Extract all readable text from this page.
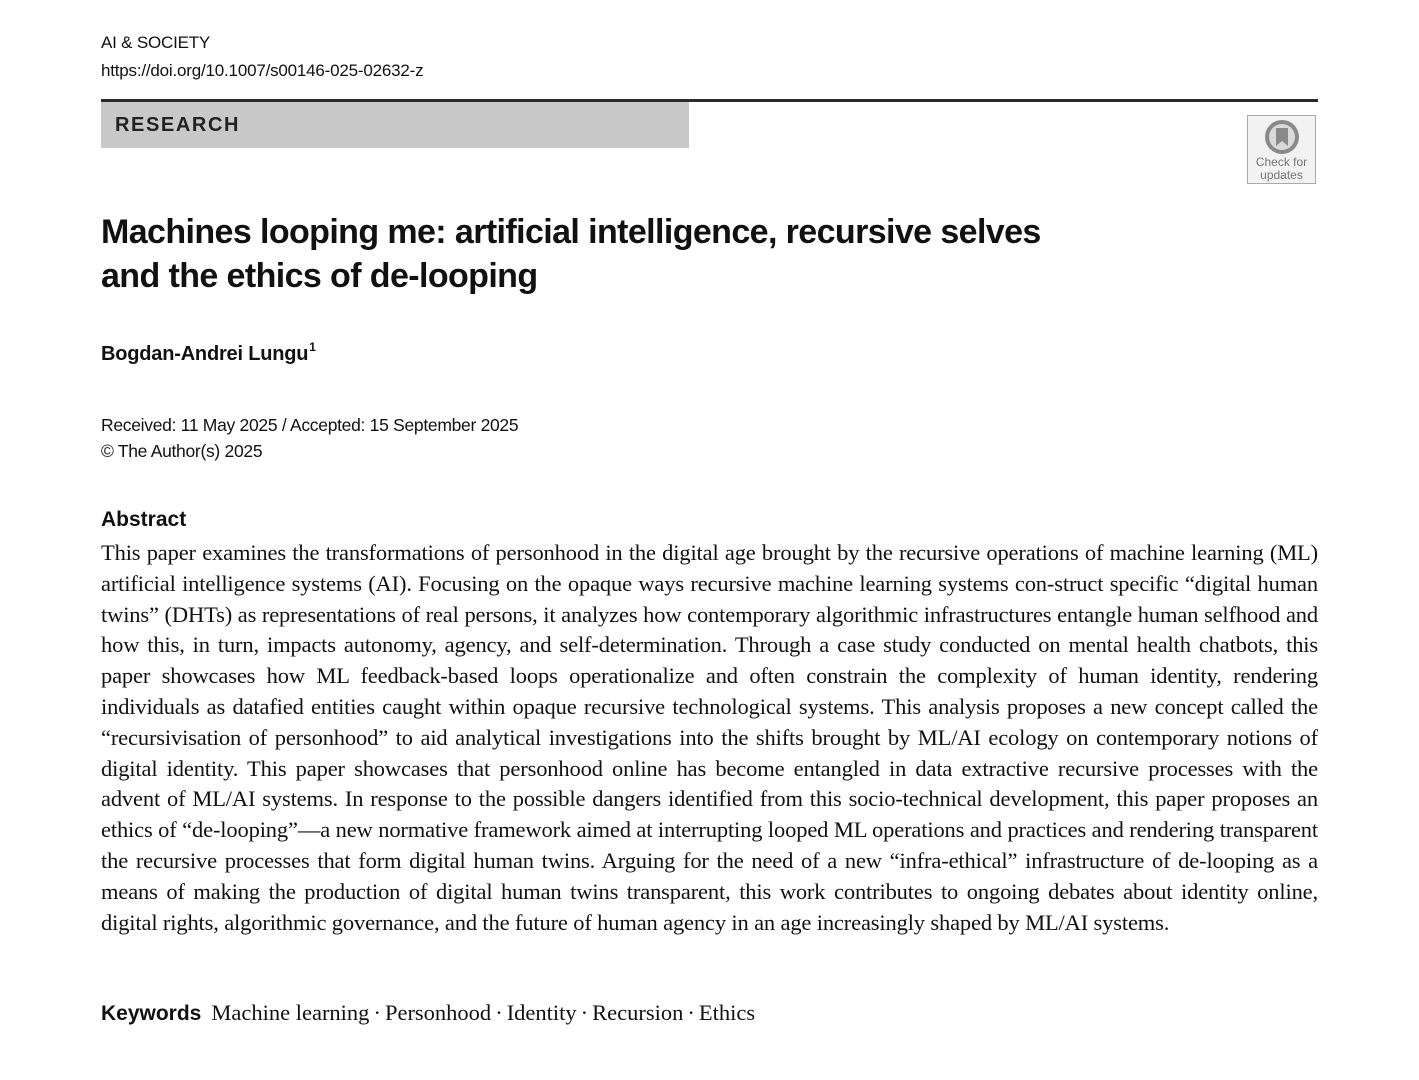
AI & SOCIETY
https://doi.org/10.1007/s00146-025-02632-z
RESEARCH
Check for
updates
Machines looping me: artificial intelligence, recursive selves and the ethics of de-looping
Bogdan-Andrei Lungu$^1$
Received: 11 May 2025 / Accepted: 15 September 2025
© The Author(s) 2025
Abstract

This paper examines the transformations of personhood in the digital age brought by the recursive operations of machine learning (ML) artificial intelligence systems (AI). Focusing on the opaque ways recursive machine learning systems con-struct specific “digital human twins” (DHTs) as representations of real persons, it analyzes how contemporary algorithmic infrastructures entangle human selfhood and how this, in turn, impacts autonomy, agency, and self-determination. Through a case study conducted on mental health chatbots, this paper showcases how ML feedback-based loops operationalize and often constrain the complexity of human identity, rendering individuals as datafied entities caught within opaque recursive technological systems. This analysis proposes a new concept called the “recursivisation of personhood” to aid analytical investigations into the shifts brought by ML/AI ecology on contemporary notions of digital identity. This paper showcases that personhood online has become entangled in data extractive recursive processes with the advent of ML/AI systems. In response to the possible dangers identified from this socio-technical development, this paper proposes an ethics of “de-looping”—a new normative framework aimed at interrupting looped ML operations and practices and rendering transparent the recursive processes that form digital human twins. Arguing for the need of a new “infra-ethical” infrastructure of de-looping as a means of making the production of digital human twins transparent, this work contributes to ongoing debates about identity online, digital rights, algorithmic governance, and the future of human agency in an age increasingly shaped by ML/AI systems.

Keywords Machine learning · Personhood · Identity · Recursion · Ethics
